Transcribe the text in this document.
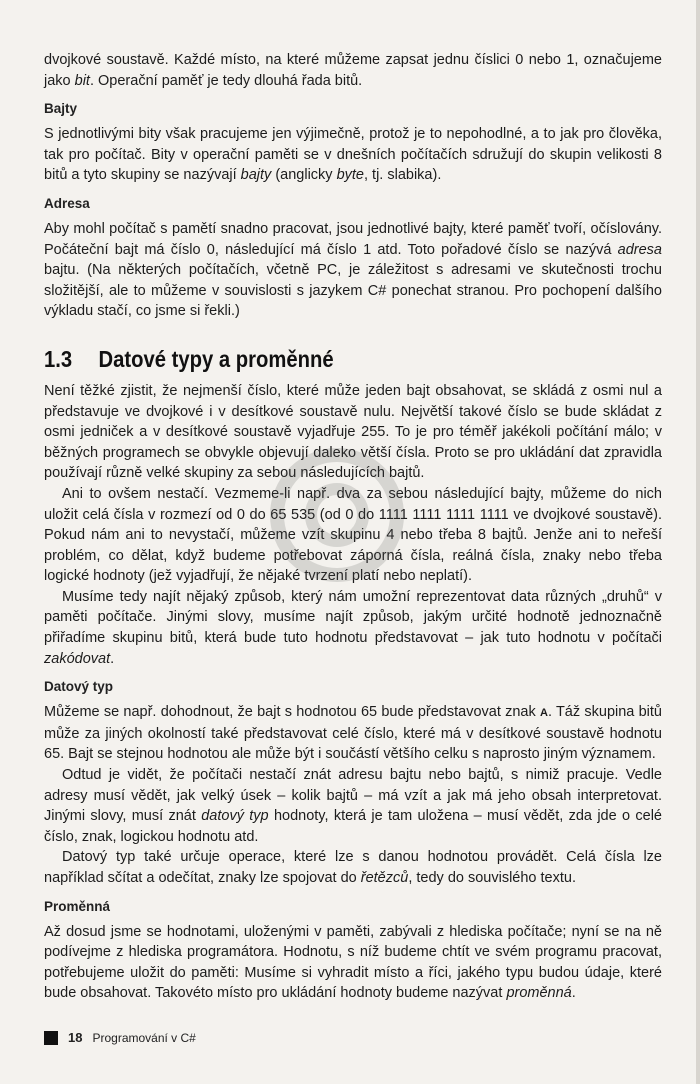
dvojkové soustavě. Každé místo, na které můžeme zapsat jednu číslici 0 nebo 1, označujeme jako bit. Operační paměť je tedy dlouhá řada bitů.

Bajty

S jednotlivými bity však pracujeme jen výjimečně, protož je to nepohodlné, a to jak pro člověka, tak pro počítač. Bity v operační paměti se v dnešních počítačích sdružují do skupin velikosti 8 bitů a tyto skupiny se nazývají bajty (anglicky byte, tj. slabika).

Adresa

Aby mohl počítač s pamětí snadno pracovat, jsou jednotlivé bajty, které paměť tvoří, očíslovány. Počáteční bajt má číslo 0, následující má číslo 1 atd. Toto pořadové číslo se nazývá adresa bajtu. (Na některých počítačích, včetně PC, je záležitost s adresami ve skutečnosti trochu složitější, ale to můžeme v souvislosti s jazykem C# ponechat stranou. Pro pochopení dalšího výkladu stačí, co jsme si řekli.)

1.3 Datové typy a proměnné

Není těžké zjistit, že nejmenší číslo, které může jeden bajt obsahovat, se skládá z osmi nul a představuje ve dvojkové i v desítkové soustavě nulu. Největší takové číslo se bude skládat z osmi jedniček a v desítkové soustavě vyjadřuje 255. To je pro téměř jakékoli počítání málo; v běžných programech se obvykle objevují daleko větší čísla. Proto se pro ukládání dat zpravidla používají různě velké skupiny za sebou následujících bajtů.

Ani to ovšem nestačí. Vezmeme-li např. dva za sebou následující bajty, můžeme do nich uložit celá čísla v rozmezí od 0 do 65 535 (od 0 do 1111 1111 1111 1111 ve dvojkové soustavě). Pokud nám ani to nevystačí, můžeme vzít skupinu 4 nebo třeba 8 bajtů. Jenže ani to neřeší problém, co dělat, když budeme potřebovat záporná čísla, reálná čísla, znaky nebo třeba logické hodnoty (jež vyjadřují, že nějaké tvrzení platí nebo neplatí).

Musíme tedy najít nějaký způsob, který nám umožní reprezentovat data různých „druhů“ v paměti počítače. Jinými slovy, musíme najít způsob, jakým určité hodnotě jednoznačně přiřadíme skupinu bitů, která bude tuto hodnotu představovat – jak tuto hodnotu v počítači zakódovat.

Datový typ

Můžeme se např. dohodnout, že bajt s hodnotou 65 bude představovat znak A. Táž skupina bitů může za jiných okolností také představovat celé číslo, které má v desítkové soustavě hodnotu 65. Bajt se stejnou hodnotou ale může být i součástí většího celku s naprosto jiným významem.

Odtud je vidět, že počítači nestačí znát adresu bajtu nebo bajtů, s nimiž pracuje. Vedle adresy musí vědět, jak velký úsek – kolik bajtů – má vzít a jak má jeho obsah interpretovat. Jinými slovy, musí znát datový typ hodnoty, která je tam uložena – musí vědět, zda jde o celé číslo, znak, logickou hodnotu atd.

Datový typ také určuje operace, které lze s danou hodnotou provádět. Celá čísla lze například sčítat a odečítat, znaky lze spojovat do řetězců, tedy do souvislého textu.

Proměnná

Až dosud jsme se hodnotami, uloženými v paměti, zabývali z hlediska počítače; nyní se na ně podívejme z hlediska programátora. Hodnotu, s níž budeme chtít ve svém programu pracovat, potřebujeme uložit do paměti: Musíme si vyhradit místo a říci, jakého typu budou údaje, které bude obsahovat. Takovéto místo pro ukládání hodnoty budeme nazývat proměnná.

18 Programování v C#
